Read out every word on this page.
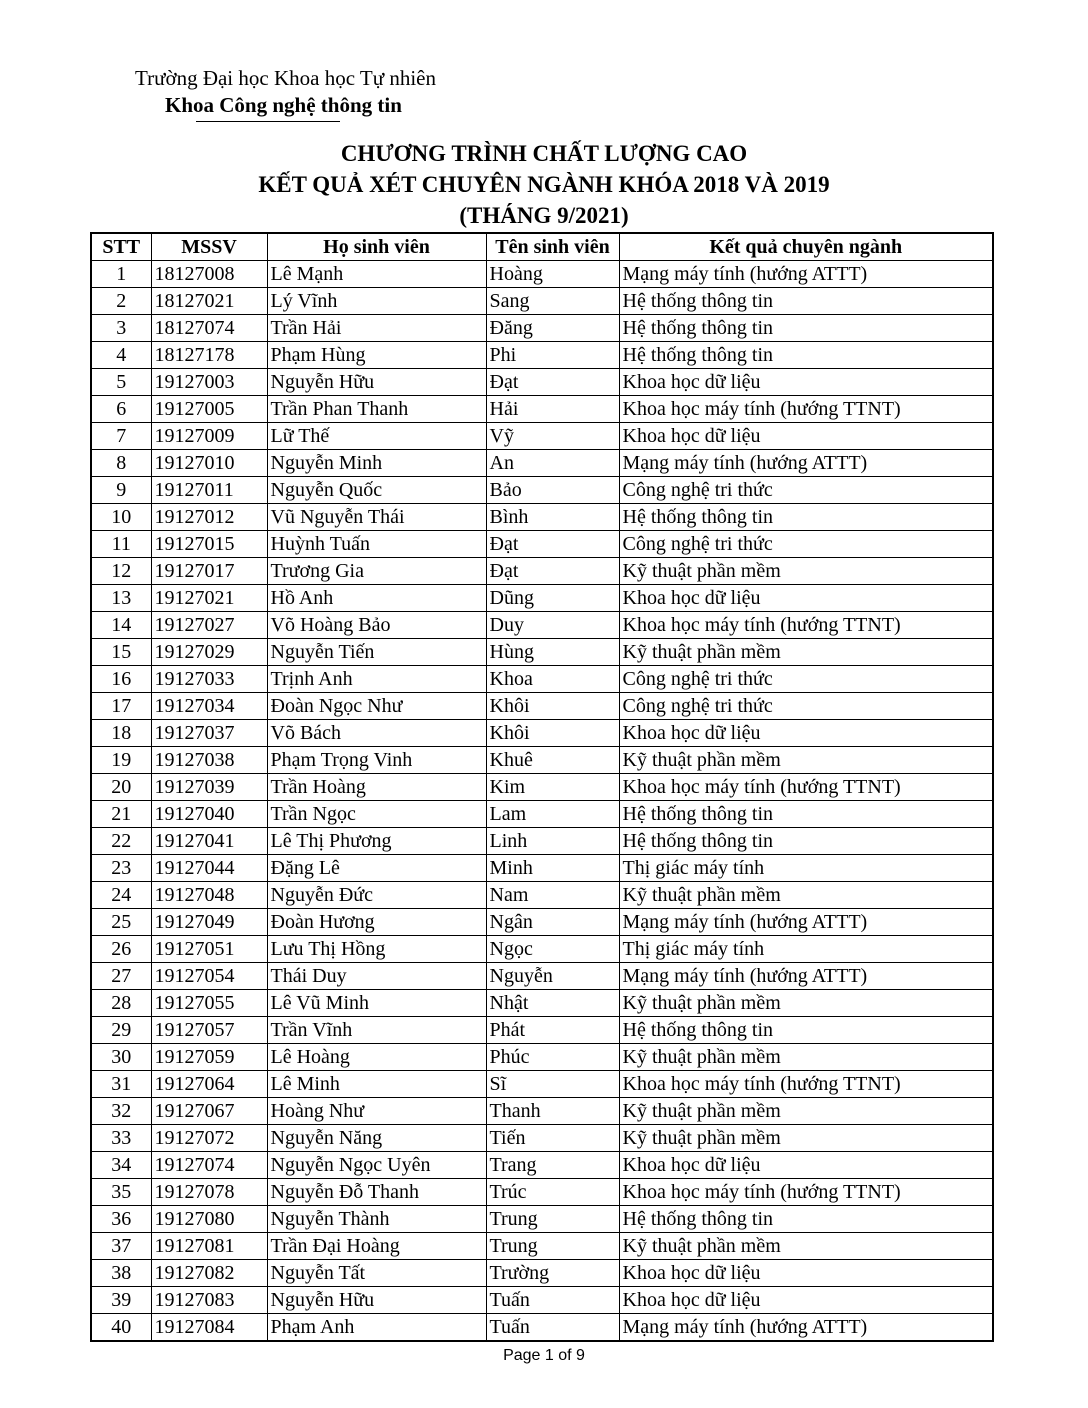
Trường Đại học Khoa học Tự nhiên
Khoa Công nghệ thông tin
CHƯƠNG TRÌNH CHẤT LƯỢNG CAO
KẾT QUẢ XÉT CHUYÊN NGÀNH KHÓA 2018 VÀ 2019
(THÁNG 9/2021)
STT	MSSV	Họ sinh viên	Tên sinh viên	Kết quả chuyên ngành
1	18127008	Lê Mạnh	Hoàng	Mạng máy tính (hướng ATTT)
2	18127021	Lý Vĩnh	Sang	Hệ thống thông tin
3	18127074	Trần Hải	Đăng	Hệ thống thông tin
4	18127178	Phạm Hùng	Phi	Hệ thống thông tin
5	19127003	Nguyễn Hữu	Đạt	Khoa học dữ liệu
6	19127005	Trần Phan Thanh	Hải	Khoa học máy tính (hướng TTNT)
7	19127009	Lữ Thế	Vỹ	Khoa học dữ liệu
8	19127010	Nguyễn Minh	An	Mạng máy tính (hướng ATTT)
9	19127011	Nguyễn Quốc	Bảo	Công nghệ tri thức
10	19127012	Vũ Nguyễn Thái	Bình	Hệ thống thông tin
11	19127015	Huỳnh Tuấn	Đạt	Công nghệ tri thức
12	19127017	Trương Gia	Đạt	Kỹ thuật phần mềm
13	19127021	Hồ Anh	Dũng	Khoa học dữ liệu
14	19127027	Võ Hoàng Bảo	Duy	Khoa học máy tính (hướng TTNT)
15	19127029	Nguyễn Tiến	Hùng	Kỹ thuật phần mềm
16	19127033	Trịnh Anh	Khoa	Công nghệ tri thức
17	19127034	Đoàn Ngọc Như	Khôi	Công nghệ tri thức
18	19127037	Võ Bách	Khôi	Khoa học dữ liệu
19	19127038	Phạm Trọng Vinh	Khuê	Kỹ thuật phần mềm
20	19127039	Trần Hoàng	Kim	Khoa học máy tính (hướng TTNT)
21	19127040	Trần Ngọc	Lam	Hệ thống thông tin
22	19127041	Lê Thị Phương	Linh	Hệ thống thông tin
23	19127044	Đặng Lê	Minh	Thị giác máy tính
24	19127048	Nguyễn Đức	Nam	Kỹ thuật phần mềm
25	19127049	Đoàn Hương	Ngân	Mạng máy tính (hướng ATTT)
26	19127051	Lưu Thị Hồng	Ngọc	Thị giác máy tính
27	19127054	Thái Duy	Nguyễn	Mạng máy tính (hướng ATTT)
28	19127055	Lê Vũ Minh	Nhật	Kỹ thuật phần mềm
29	19127057	Trần Vĩnh	Phát	Hệ thống thông tin
30	19127059	Lê Hoàng	Phúc	Kỹ thuật phần mềm
31	19127064	Lê Minh	Sĩ	Khoa học máy tính (hướng TTNT)
32	19127067	Hoàng Như	Thanh	Kỹ thuật phần mềm
33	19127072	Nguyễn Năng	Tiến	Kỹ thuật phần mềm
34	19127074	Nguyễn Ngọc Uyên	Trang	Khoa học dữ liệu
35	19127078	Nguyễn Đỗ Thanh	Trúc	Khoa học máy tính (hướng TTNT)
36	19127080	Nguyễn Thành	Trung	Hệ thống thông tin
37	19127081	Trần Đại Hoàng	Trung	Kỹ thuật phần mềm
38	19127082	Nguyễn Tất	Trường	Khoa học dữ liệu
39	19127083	Nguyễn Hữu	Tuấn	Khoa học dữ liệu
40	19127084	Phạm Anh	Tuấn	Mạng máy tính (hướng ATTT)
Page 1 of 9
